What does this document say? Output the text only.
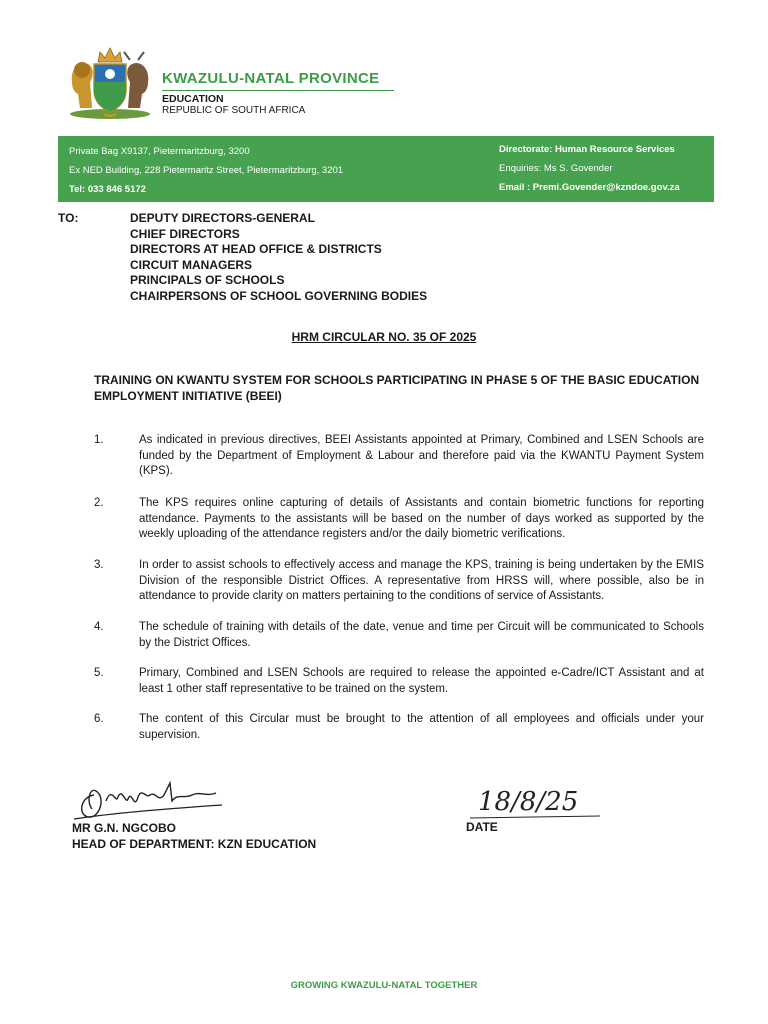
KWAZULU-NATAL PROVINCE
EDUCATION
REPUBLIC OF SOUTH AFRICA
Private Bag X9137, Pietermaritzburg, 3200
Ex NED Building, 228 Pietermaritz Street, Pietermaritzburg, 3201
Tel: 033 846 5172
Directorate: Human Resource Services
Enquiries: Ms S. Govender
Email : Premi.Govender@kzndoe.gov.za
TO:	DEPUTY DIRECTORS-GENERAL
CHIEF DIRECTORS
DIRECTORS AT HEAD OFFICE & DISTRICTS
CIRCUIT MANAGERS
PRINCIPALS OF SCHOOLS
CHAIRPERSONS OF SCHOOL GOVERNING BODIES
HRM CIRCULAR NO. 35 OF 2025
TRAINING ON KWANTU SYSTEM FOR SCHOOLS PARTICIPATING IN PHASE 5 OF THE BASIC EDUCATION EMPLOYMENT INITIATIVE (BEEI)
1.	As indicated in previous directives, BEEI Assistants appointed at Primary, Combined and LSEN Schools are funded by the Department of Employment & Labour and therefore paid via the KWANTU Payment System (KPS).
2.	The KPS requires online capturing of details of Assistants and contain biometric functions for reporting attendance. Payments to the assistants will be based on the number of days worked as supported by the weekly uploading of the attendance registers and/or the daily biometric verifications.
3.	In order to assist schools to effectively access and manage the KPS, training is being undertaken by the EMIS Division of the responsible District Offices. A representative from HRSS will, where possible, also be in attendance to provide clarity on matters pertaining to the conditions of service of Assistants.
4.	The schedule of training with details of the date, venue and time per Circuit will be communicated to Schools by the District Offices.
5.	Primary, Combined and LSEN Schools are required to release the appointed e-Cadre/ICT Assistant and at least 1 other staff representative to be trained on the system.
6.	The content of this Circular must be brought to the attention of all employees and officials under your supervision.
MR G.N. NGCOBO
HEAD OF DEPARTMENT: KZN EDUCATION
18/8/25
DATE
GROWING KWAZULU-NATAL TOGETHER
